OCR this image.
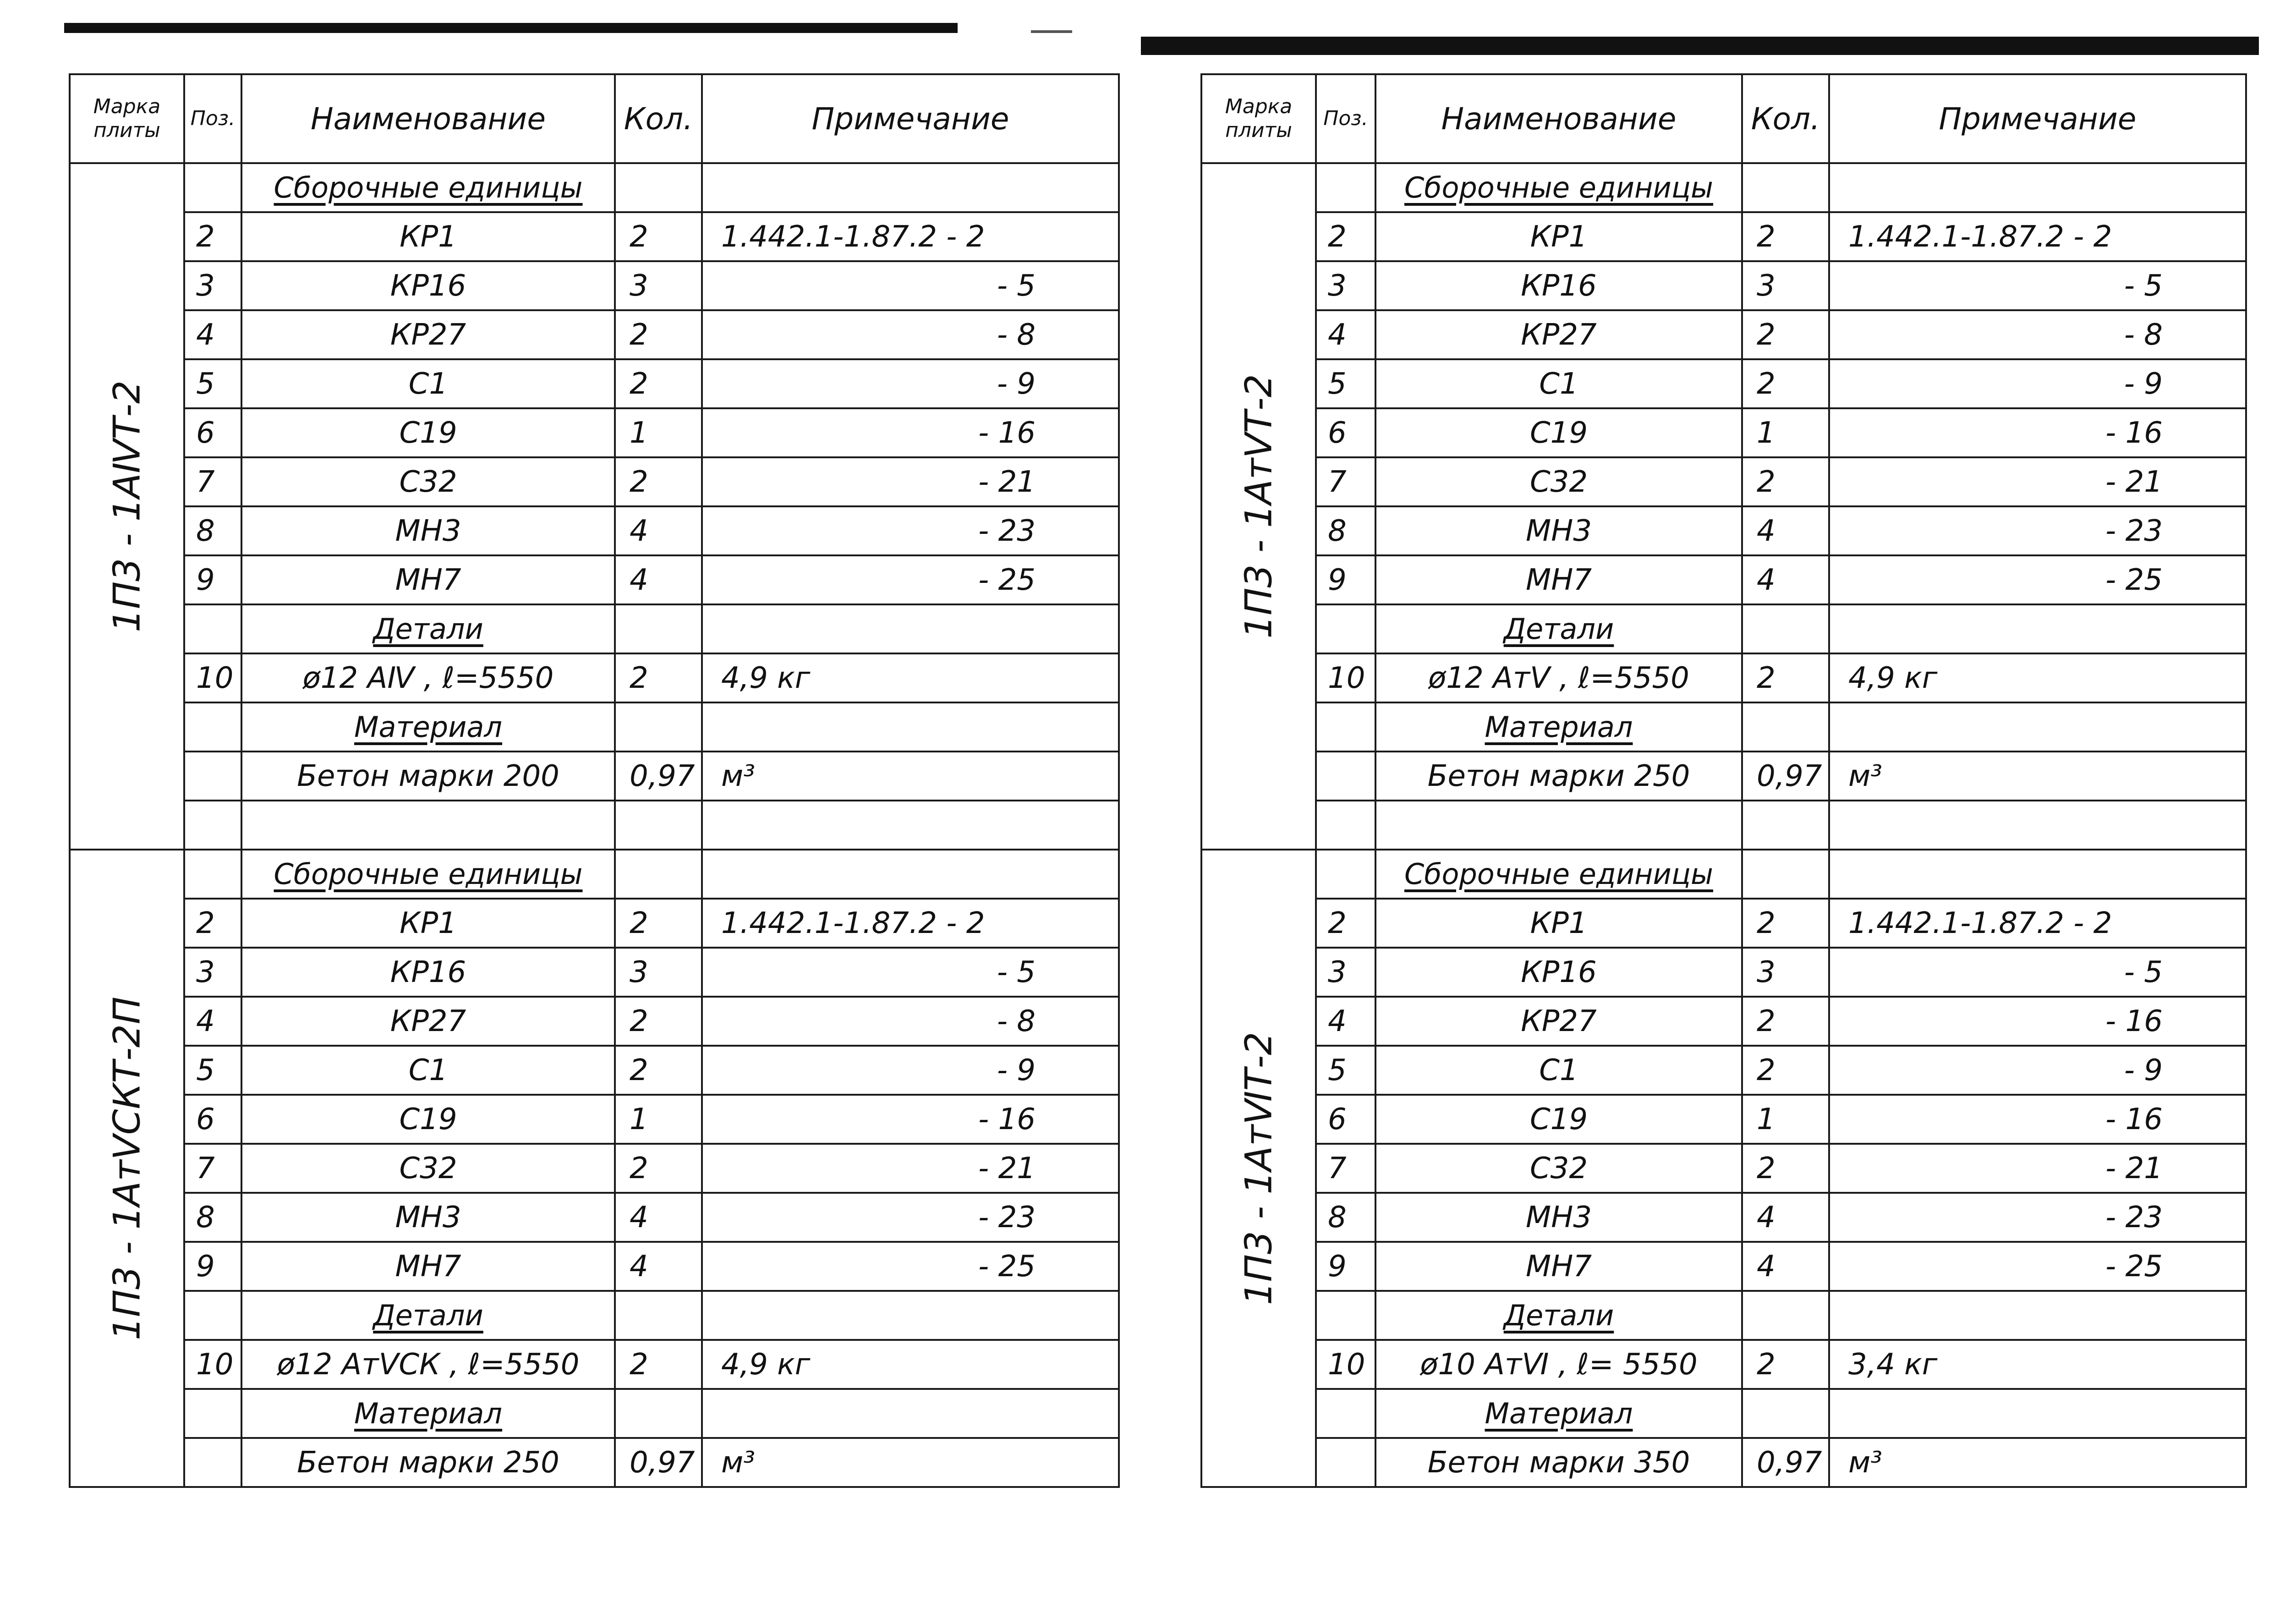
Марка плиты	Поз.	Наименование	Кол.	Примечание

1П3 - 1АⅣТ-2		Сборочные единицы		
	2	КР1	2	1.442.1-1.87.2 - 2
	3	КР16	3	- 5
	4	КР27	2	- 8
	5	С1	2	- 9
	6	С19	1	- 16
	7	С32	2	- 21
	8	МН3	4	- 23
	9	МН7	4	- 25
		Детали		
	10	ø12 АⅣ , ℓ=5550	2	4,9 кг
		Материал		
		Бетон марки 200	0,97	м³

1П3 - 1АтⅤСКТ-2П		Сборочные единицы		
	2	КР1	2	1.442.1-1.87.2 - 2
	3	КР16	3	- 5
	4	КР27	2	- 8
	5	С1	2	- 9
	6	С19	1	- 16
	7	С32	2	- 21
	8	МН3	4	- 23
	9	МН7	4	- 25
		Детали		
	10	ø12 АтⅤСК , ℓ=5550	2	4,9 кг
		Материал		
		Бетон марки 250	0,97	м³
Марка плиты	Поз.	Наименование	Кол.	Примечание

1П3 - 1АтⅤТ-2		Сборочные единицы		
	2	КР1	2	1.442.1-1.87.2 - 2
	3	КР16	3	- 5
	4	КР27	2	- 8
	5	С1	2	- 9
	6	С19	1	- 16
	7	С32	2	- 21
	8	МН3	4	- 23
	9	МН7	4	- 25
		Детали		
	10	ø12 АтⅤ , ℓ=5550	2	4,9 кг
		Материал		
		Бетон марки 250	0,97	м³

1П3 - 1АтⅥТ-2		Сборочные единицы		
	2	КР1	2	1.442.1-1.87.2 - 2
	3	КР16	3	- 5
	4	КР27	2	- 16
	5	С1	2	- 9
	6	С19	1	- 16
	7	С32	2	- 21
	8	МН3	4	- 23
	9	МН7	4	- 25
		Детали		
	10	ø10 АтⅥ , ℓ= 5550	2	3,4 кг
		Материал		
		Бетон марки 350	0,97	м³
